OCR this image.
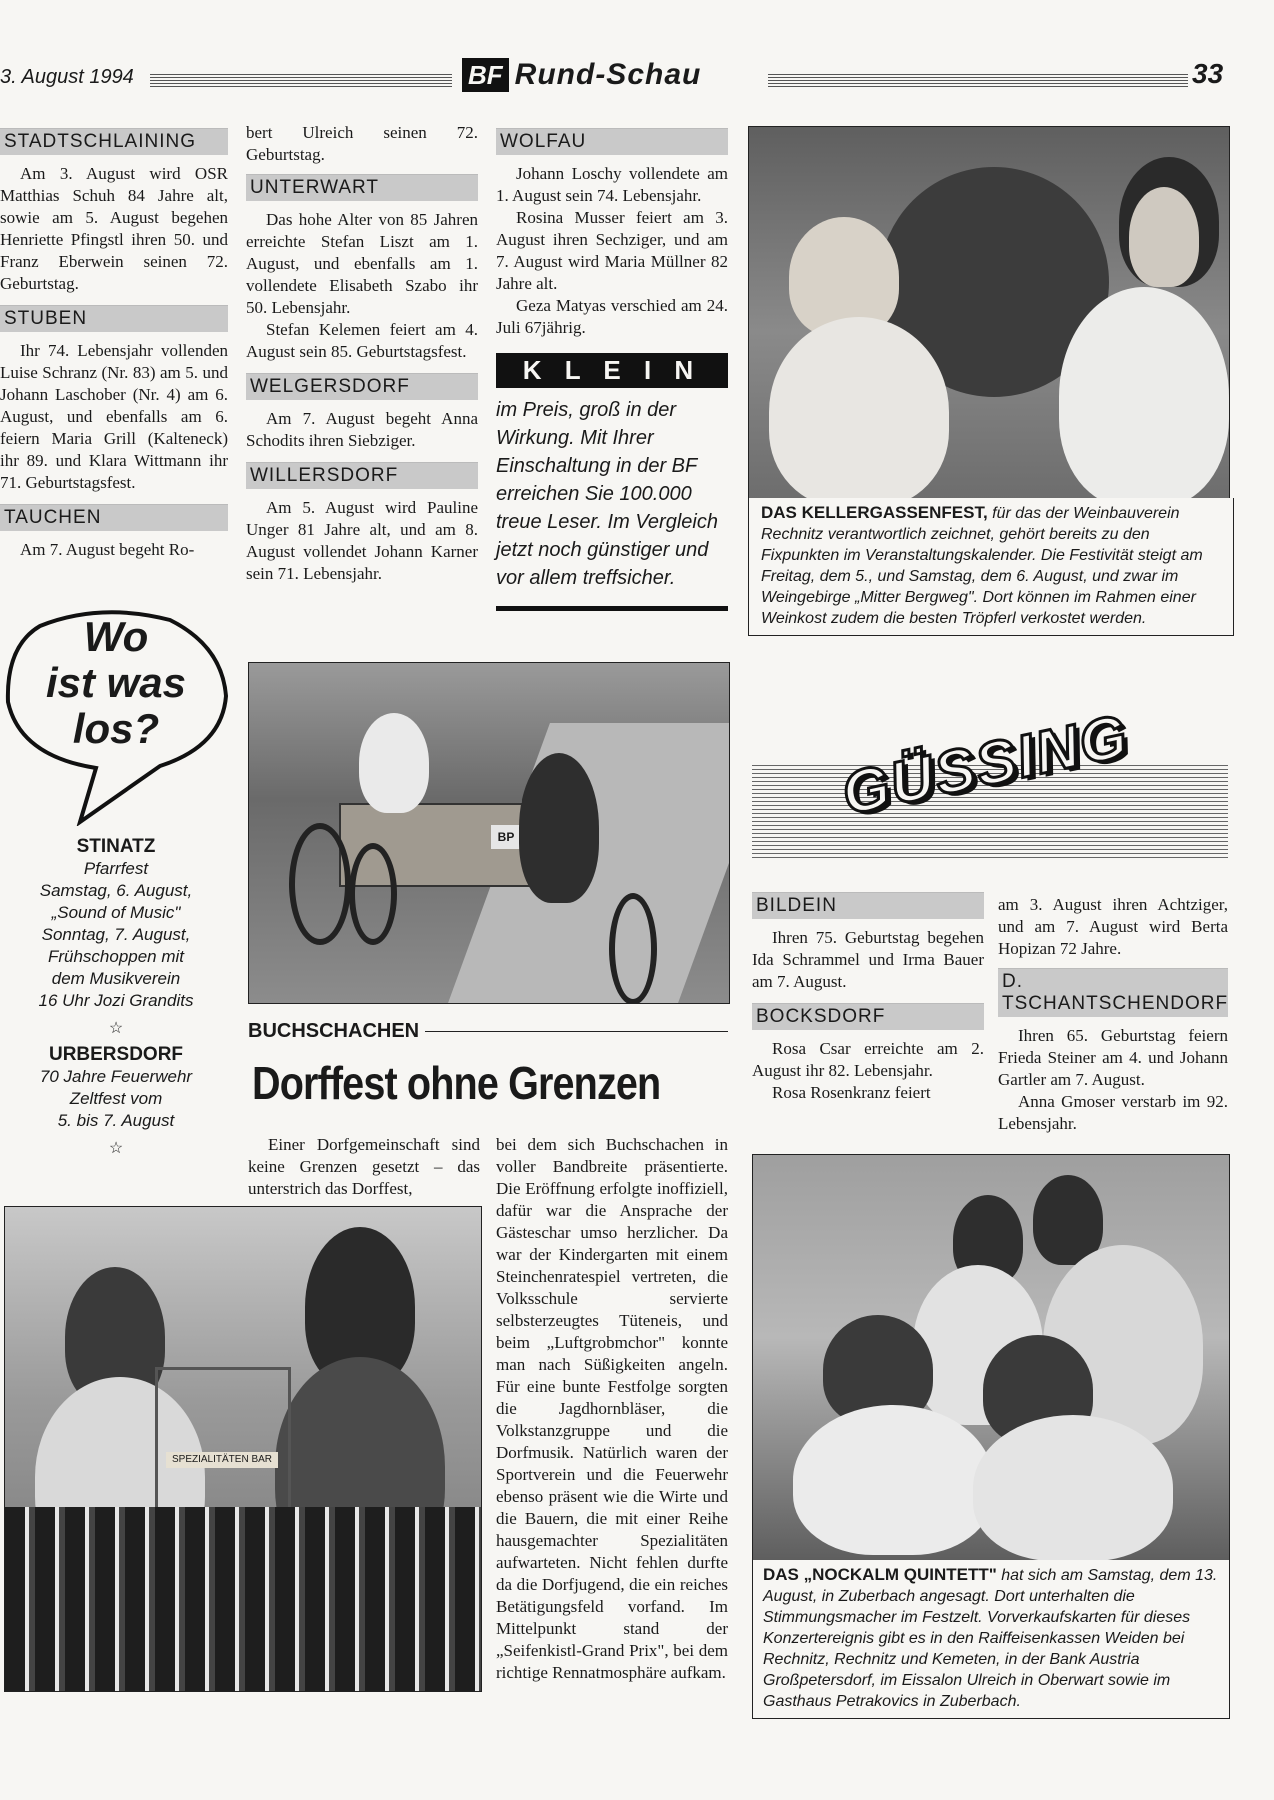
3. August 1994	BF Rund-Schau	33
STADTSCHLAINING

Am 3. August wird OSR Matthias Schuh 84 Jahre alt, sowie am 5. August begehen Henriette Pfingstl ihren 50. und Franz Eberwein seinen 72. Geburtstag.

STUBEN

Ihr 74. Lebensjahr vollenden Luise Schranz (Nr. 83) am 5. und Johann Laschober (Nr. 4) am 6. August, und ebenfalls am 6. feiern Maria Grill (Kalteneck) ihr 89. und Klara Wittmann ihr 71. Geburtstagsfest.

TAUCHEN

Am 7. August begeht Ro-

bert Ulreich seinen 72. Geburtstag.

UNTERWART

Das hohe Alter von 85 Jahren erreichte Stefan Liszt am 1. August, und ebenfalls am 1. vollendete Elisabeth Szabo ihr 50. Lebensjahr.

Stefan Kelemen feiert am 4. August sein 85. Geburtstagsfest.

WELGERSDORF

Am 7. August begeht Anna Schodits ihren Siebziger.

WILLERSDORF

Am 5. August wird Pauline Unger 81 Jahre alt, und am 8. August vollendet Johann Karner sein 71. Lebensjahr.

WOLFAU

Johann Loschy vollendete am 1. August sein 74. Lebensjahr.

Rosina Musser feiert am 3. August ihren Sechziger, und am 7. August wird Maria Müllner 82 Jahre alt.

Geza Matyas verschied am 24. Juli 67jährig.

K L E I N
im Preis, groß in der Wirkung. Mit Ihrer Einschaltung in der BF erreichen Sie 100.000 treue Leser. Im Vergleich jetzt noch günstiger und vor allem treffsicher.
DAS KELLERGASSENFEST, für das der Weinbauverein Rechnitz verantwortlich zeichnet, gehört bereits zu den Fixpunkten im Veranstaltungskalender. Die Festivität steigt am Freitag, dem 5., und Samstag, dem 6. August, und zwar im Weingebirge „Mitter Bergweg". Dort können im Rahmen einer Weinkost zudem die besten Tröpferl verkostet werden.
Wo
ist was
los?
STINATZ
Pfarrfest
Samstag, 6. August,
„Sound of Music"
Sonntag, 7. August,
Frühschoppen mit
dem Musikverein
16 Uhr Jozi Grandits
☆
URBERSDORF
70 Jahre Feuerwehr
Zeltfest vom
5. bis 7. August
☆
BP
BUCHSCHACHEN
Dorffest ohne Grenzen

Einer Dorfgemeinschaft sind keine Grenzen gesetzt – das unterstrich das Dorffest,

bei dem sich Buchschachen in voller Bandbreite präsentierte. Die Eröffnung erfolgte inoffiziell, dafür war die Ansprache der Gästeschar umso herzlicher. Da war der Kindergarten mit einem Steinchenratespiel vertreten, die Volksschule servierte selbsterzeugtes Tüteneis, und beim „Luftgrobmchor" konnte man nach Süßigkeiten angeln. Für eine bunte Festfolge sorgten die Jagdhornbläser, die Volkstanzgruppe und die Dorfmusik. Natürlich waren der Sportverein und die Feuerwehr ebenso präsent wie die Wirte und die Bauern, die mit einer Reihe hausgemachter Spezialitäten aufwarteten. Nicht fehlen durfte da die Dorfjugend, die ein reiches Betätigungsfeld vorfand. Im Mittelpunkt stand der „Seifenkistl-Grand Prix", bei dem richtige Rennatmosphäre aufkam.

SPEZIALITÄTEN BAR
GÜSSING
BILDEIN

Ihren 75. Geburtstag begehen Ida Schrammel und Irma Bauer am 7. August.

BOCKSDORF

Rosa Csar erreichte am 2. August ihr 82. Lebensjahr.

Rosa Rosenkranz feiert

am 3. August ihren Achtziger, und am 7. August wird Berta Hopizan 72 Jahre.

D. TSCHANTSCHENDORF

Ihren 65. Geburtstag feiern Frieda Steiner am 4. und Johann Gartler am 7. August.

Anna Gmoser verstarb im 92. Lebensjahr.

DAS „NOCKALM QUINTETT" hat sich am Samstag, dem 13. August, in Zuberbach angesagt. Dort unterhalten die Stimmungsmacher im Festzelt. Vorverkaufskarten für dieses Konzertereignis gibt es in den Raiffeisenkassen Weiden bei Rechnitz, Rechnitz und Kemeten, in der Bank Austria Großpetersdorf, im Eissalon Ulreich in Oberwart sowie im Gasthaus Petrakovics in Zuberbach.
